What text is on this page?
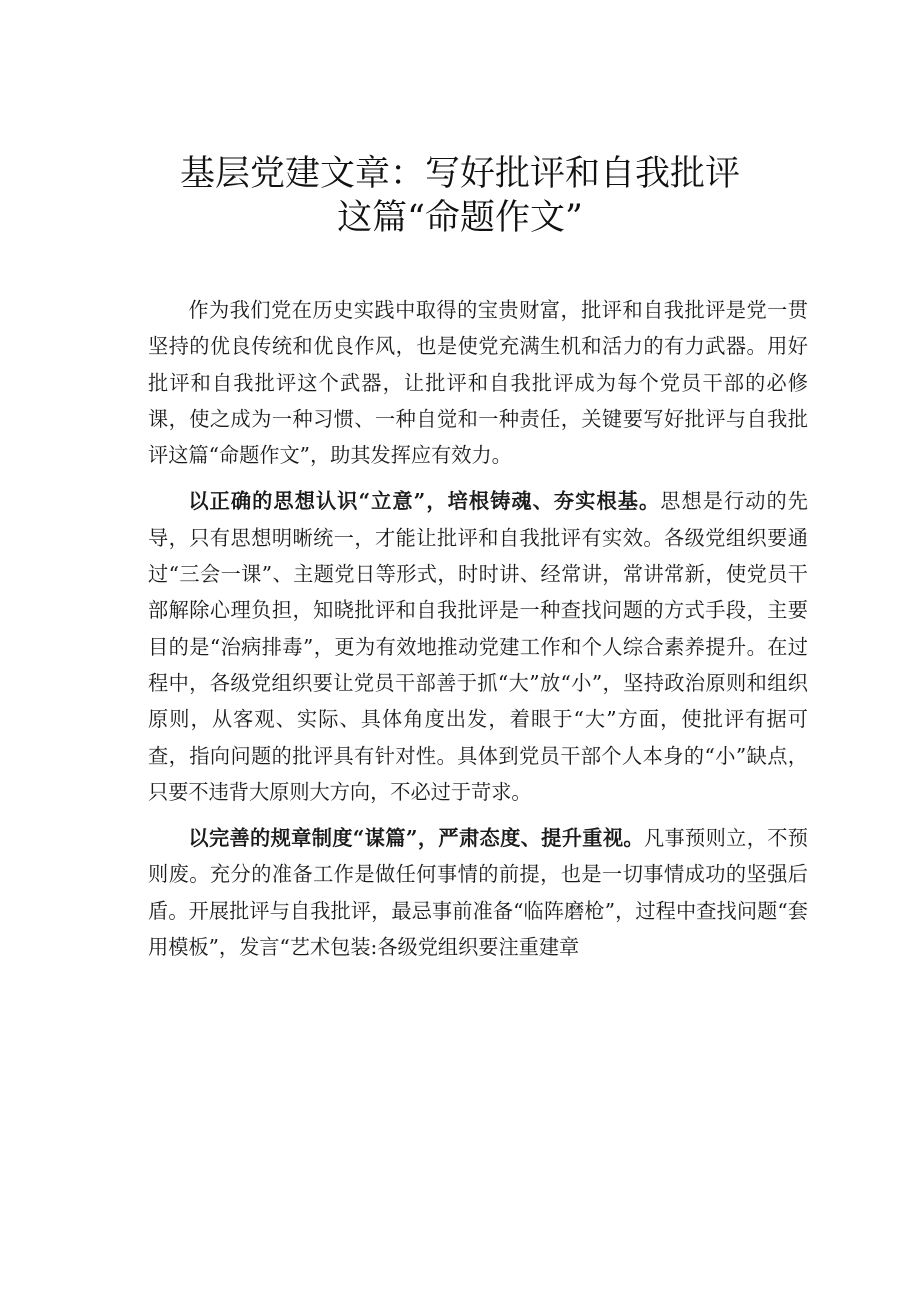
基层党建文章：写好批评和自我批评
这篇“命题作文”

作为我们党在历史实践中取得的宝贵财富，批评和自我批评是党一贯坚持的优良传统和优良作风，也是使党充满生机和活力的有力武器。用好批评和自我批评这个武器，让批评和自我批评成为每个党员干部的必修课，使之成为一种习惯、一种自觉和一种责任，关键要写好批评与自我批评这篇“命题作文”，助其发挥应有效力。

以正确的思想认识“立意”，培根铸魂、夯实根基。思想是行动的先导，只有思想明晰统一，才能让批评和自我批评有实效。各级党组织要通过“三会一课”、主题党日等形式，时时讲、经常讲，常讲常新，使党员干部解除心理负担，知晓批评和自我批评是一种查找问题的方式手段，主要目的是“治病排毒”，更为有效地推动党建工作和个人综合素养提升。在过程中，各级党组织要让党员干部善于抓“大”放“小”，坚持政治原则和组织原则，从客观、实际、具体角度出发，着眼于“大”方面，使批评有据可查，指向问题的批评具有针对性。具体到党员干部个人本身的“小”缺点，只要不违背大原则大方向，不必过于苛求。

以完善的规章制度“谋篇”，严肃态度、提升重视。凡事预则立，不预则废。充分的准备工作是做任何事情的前提，也是一切事情成功的坚强后盾。开展批评与自我批评，最忌事前准备“临阵磨枪”，过程中查找问题“套用模板”，发言“艺术包装:各级党组织要注重建章
